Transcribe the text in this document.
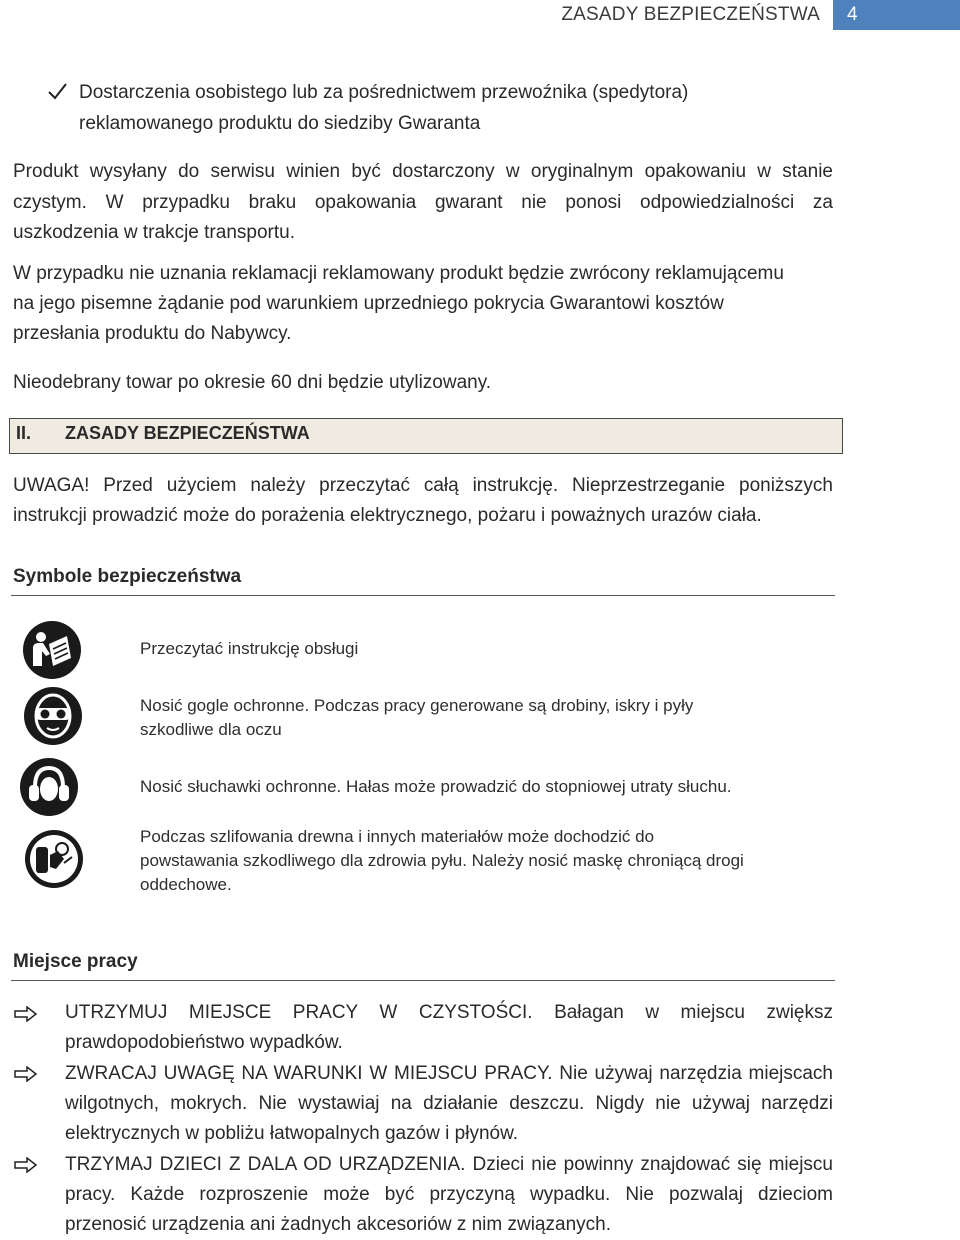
ZASADY BEZPIECZEŃSTWA	4
Dostarczenia osobistego lub za pośrednictwem przewoźnika (spedytora)
reklamowanego produktu do siedziby Gwaranta
Produkt wysyłany do serwisu winien być dostarczony w oryginalnym opakowaniu w stanie
czystym. W przypadku braku opakowania gwarant nie ponosi odpowiedzialności za
uszkodzenia w trakcje transportu.
W przypadku nie uznania reklamacji reklamowany produkt będzie zwrócony reklamującemu
na jego pisemne żądanie pod warunkiem uprzedniego pokrycia Gwarantowi kosztów
przesłania produktu do Nabywcy.
Nieodebrany towar po okresie 60 dni będzie utylizowany.
II. ZASADY BEZPIECZEŃSTWA
UWAGA! Przed użyciem należy przeczytać całą instrukcję. Nieprzestrzeganie poniższych
instrukcji prowadzić może do porażenia elektrycznego, pożaru i poważnych urazów ciała.
Symbole bezpieczeństwa
Przeczytać instrukcję obsługi
Nosić gogle ochronne. Podczas pracy generowane są drobiny, iskry i pyły
szkodliwe dla oczu
Nosić słuchawki ochronne. Hałas może prowadzić do stopniowej utraty słuchu.
Podczas szlifowania drewna i innych materiałów może dochodzić do
powstawania szkodliwego dla zdrowia pyłu. Należy nosić maskę chroniącą drogi
oddechowe.
Miejsce pracy
UTRZYMUJ MIEJSCE PRACY W CZYSTOŚCI. Bałagan w miejscu zwiększ
prawdopodobieństwo wypadków.
ZWRACAJ UWAGĘ NA WARUNKI W MIEJSCU PRACY. Nie używaj narzędzia miejscach
wilgotnych, mokrych. Nie wystawiaj na działanie deszczu. Nigdy nie używaj narzędzi
elektrycznych w pobliżu łatwopalnych gazów i płynów.
TRZYMAJ DZIECI Z DALA OD URZĄDZENIA. Dzieci nie powinny znajdować się miejscu
pracy. Każde rozproszenie może być przyczyną wypadku. Nie pozwalaj dzieciom
przenosić urządzenia ani żadnych akcesoriów z nim związanych.
